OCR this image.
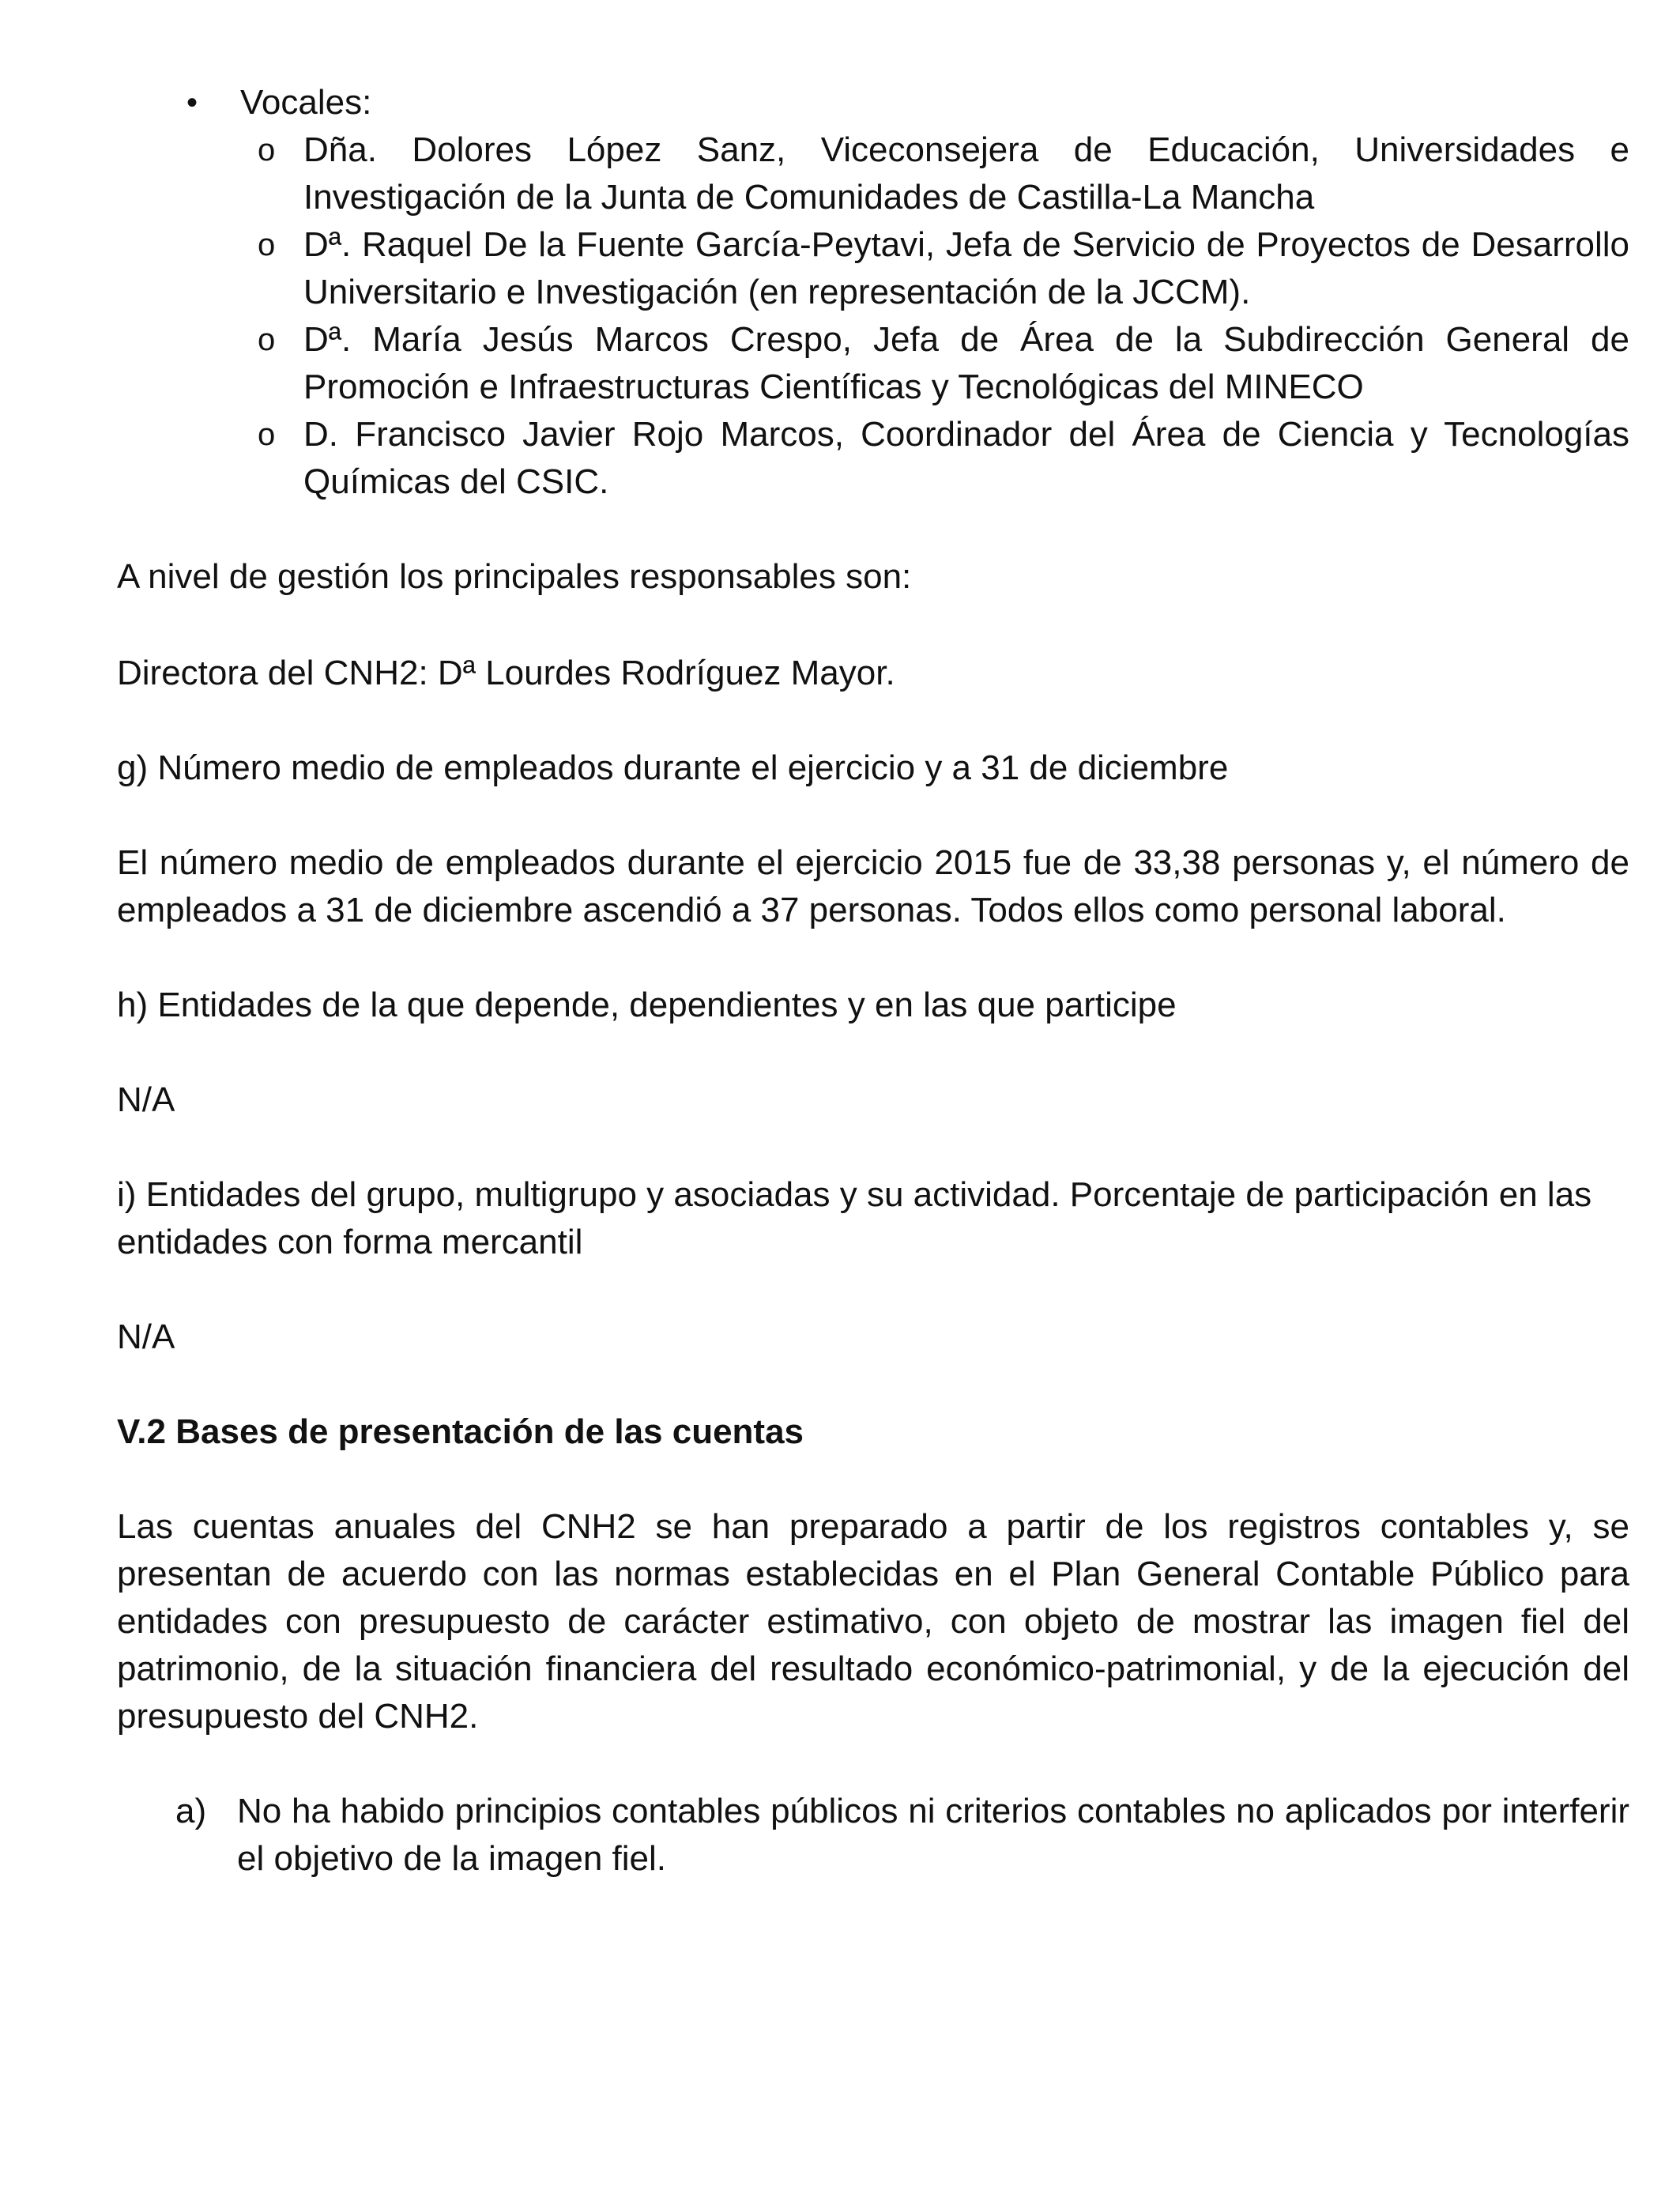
• Vocales:
o Dña. Dolores López Sanz, Viceconsejera de Educación, Universidades e Investigación de la Junta de Comunidades de Castilla-La Mancha
o Dª. Raquel De la Fuente García-Peytavi, Jefa de Servicio de Proyectos de Desarrollo Universitario e Investigación (en representación de la JCCM).
o Dª. María Jesús Marcos Crespo, Jefa de Área de la Subdirección General de Promoción e Infraestructuras Científicas y Tecnológicas del MINECO
o D. Francisco Javier Rojo Marcos, Coordinador del Área de Ciencia y Tecnologías Químicas del CSIC.

A nivel de gestión los principales responsables son:

Directora del CNH2: Dª Lourdes Rodríguez Mayor.

g) Número medio de empleados durante el ejercicio y a 31 de diciembre

El número medio de empleados durante el ejercicio 2015 fue de 33,38 personas y, el número de empleados a 31 de diciembre ascendió a 37 personas. Todos ellos como personal laboral.

h) Entidades de la que depende, dependientes y en las que participe

N/A

i) Entidades del grupo, multigrupo y asociadas y su actividad. Porcentaje de participación en las entidades con forma mercantil

N/A

V.2 Bases de presentación de las cuentas

Las cuentas anuales del CNH2 se han preparado a partir de los registros contables y, se presentan de acuerdo con las normas establecidas en el Plan General Contable Público para entidades con presupuesto de carácter estimativo, con objeto de mostrar las imagen fiel del patrimonio, de la situación financiera del resultado económico-patrimonial, y de la ejecución del presupuesto del CNH2.

a) No ha habido principios contables públicos ni criterios contables no aplicados por interferir el objetivo de la imagen fiel.
